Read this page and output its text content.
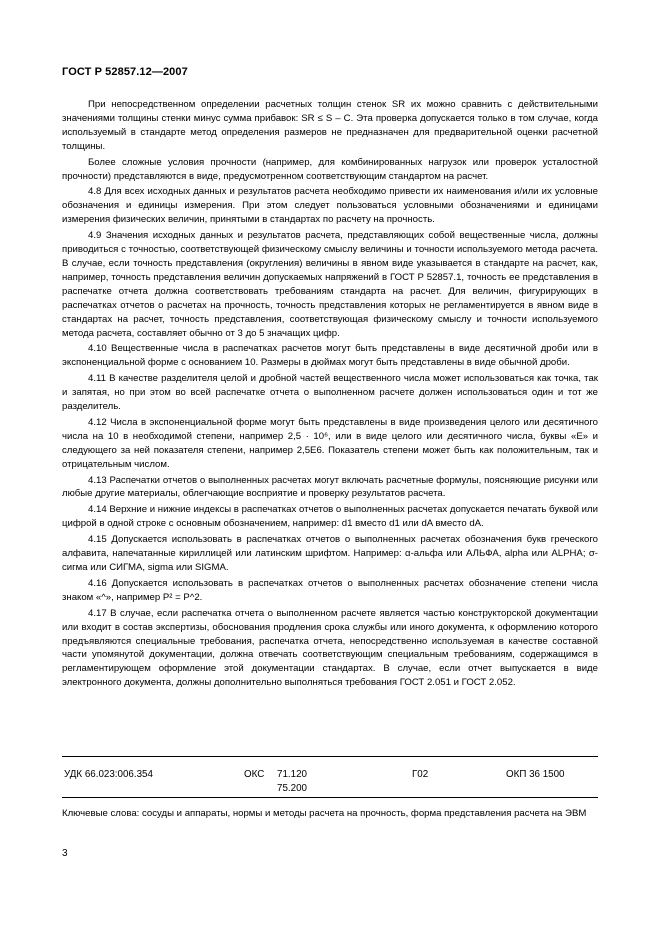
ГОСТ Р 52857.12—2007

При непосредственном определении расчетных толщин стенок SR их можно сравнить с действительными значениями толщины стенки минус сумма прибавок: SR ≤ S – C. Эта проверка допускается только в том случае, когда используемый в стандарте метод определения размеров не предназначен для предварительной оценки расчетной толщины.

Более сложные условия прочности (например, для комбинированных нагрузок или проверок усталостной прочности) представляются в виде, предусмотренном соответствующим стандартом на расчет.

4.8 Для всех исходных данных и результатов расчета необходимо привести их наименования и/или их условные обозначения и единицы измерения. При этом следует пользоваться условными обозначениями и единицами измерения физических величин, принятыми в стандартах по расчету на прочность.

4.9 Значения исходных данных и результатов расчета, представляющих собой вещественные числа, должны приводиться с точностью, соответствующей физическому смыслу величины и точности используемого метода расчета. В случае, если точность представления (округления) величины в явном виде указывается в стандарте на расчет, как, например, точность представления величин допускаемых напряжений в ГОСТ Р 52857.1, точность ее представления в распечатке отчета должна соответствовать требованиям стандарта на расчет. Для величин, фигурирующих в распечатках отчетов о расчетах на прочность, точность представления которых не регламентируется в явном виде в стандартах на расчет, точность представления, соответствующая физическому смыслу и точности используемого метода расчета, составляет обычно от 3 до 5 значащих цифр.

4.10 Вещественные числа в распечатках расчетов могут быть представлены в виде десятичной дроби или в экспоненциальной форме с основанием 10. Размеры в дюймах могут быть представлены в виде обычной дроби.

4.11 В качестве разделителя целой и дробной частей вещественного числа может использоваться как точка, так и запятая, но при этом во всей распечатке отчета о выполненном расчете должен использоваться один и тот же разделитель.

4.12 Числа в экспоненциальной форме могут быть представлены в виде произведения целого или десятичного числа на 10 в необходимой степени, например 2,5 · 10⁶, или в виде целого или десятичного числа, буквы «Е» и следующего за ней показателя степени, например 2,5Е6. Показатель степени может быть как положительным, так и отрицательным числом.

4.13 Распечатки отчетов о выполненных расчетах могут включать расчетные формулы, поясняющие рисунки или любые другие материалы, облегчающие восприятие и проверку результатов расчета.

4.14 Верхние и нижние индексы в распечатках отчетов о выполненных расчетах допускается печатать буквой или цифрой в одной строке с основным обозначением, например: d1 вместо d1 или dA вместо dA.

4.15 Допускается использовать в распечатках отчетов о выполненных расчетах обозначения букв греческого алфавита, напечатанные кириллицей или латинским шрифтом. Например: α-альфа или АЛЬФА, alpha или ALPHA; σ-сигма или СИГМА, sigma или SIGMA.

4.16 Допускается использовать в распечатках отчетов о выполненных расчетах обозначение степени числа знаком «^», например P² = P^2.

4.17 В случае, если распечатка отчета о выполненном расчете является частью конструкторской документации или входит в состав экспертизы, обоснования продления срока службы или иного документа, к оформлению которого предъявляются специальные требования, распечатка отчета, непосредственно используемая в качестве составной части упомянутой документации, должна отвечать соответствующим специальным требованиям, содержащимся в регламентирующем оформление этой документации стандартах. В случае, если отчет выпускается в виде электронного документа, должны дополнительно выполняться требования ГОСТ 2.051 и ГОСТ 2.052.

УДК 66.023:006.354	ОКС 71.120
75.200
Г02	ОКП 36 1500
Ключевые слова: сосуды и аппараты, нормы и методы расчета на прочность, форма представления расчета на ЭВМ
3
